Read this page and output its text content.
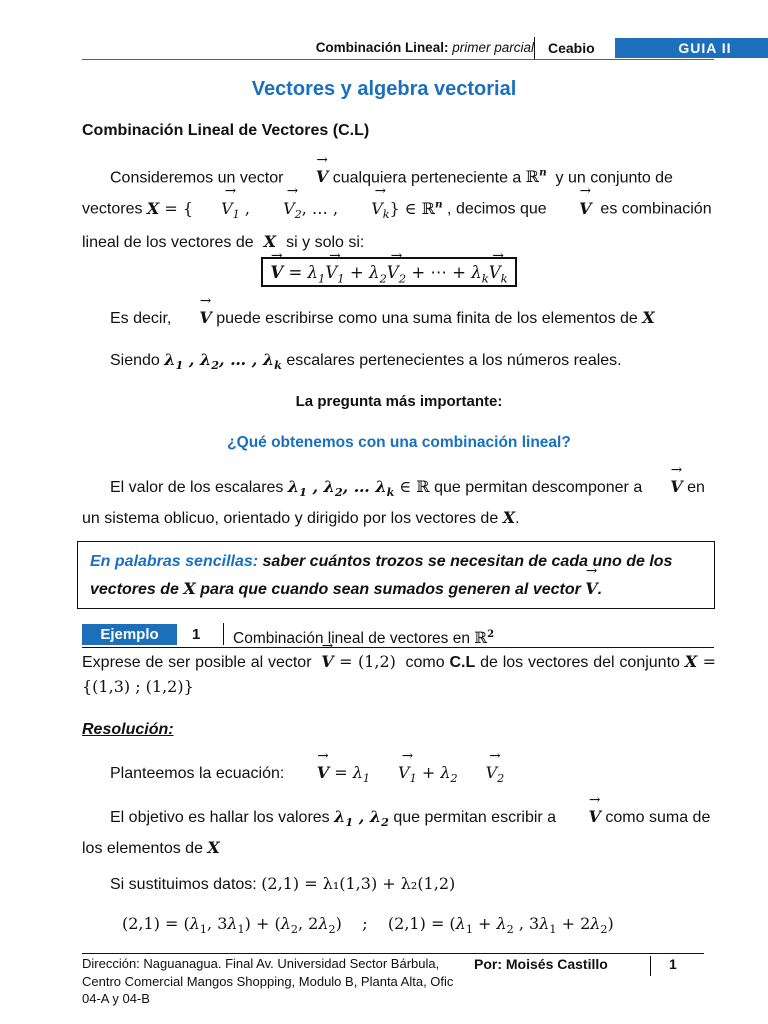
Combinación Lineal: primer parcial Ceabio	GUIA II
Vectores y algebra vectorial
Combinación Lineal de Vectores (C.L)
Consideremos un vector → V cualquiera perteneciente a ℝ$^n$ y un conjunto de vectores X = { → $V_1$ , → $V_2$, … , → $V_k$} ∈ ℝ$^n$ , decimos que → V es combinación lineal de los vectores de  X  si y solo si:
→ $V = \lambda_1\to V_1 + \lambda_2\to V_2$ + ⋯ + $\lambda_k\to V_k$
Es decir, → V puede escribirse como una suma finita de los elementos de X
Siendo $\lambda_1$ , $\lambda_2$, … , $\lambda_k$ escalares pertenecientes a los números reales.
La pregunta más importante:
¿Qué obtenemos con una combinación lineal?
El valor de los escalares $\lambda_1$ , $\lambda_2$, … $\lambda_k$ ∈ ℝ que permitan descomponer a → V en un sistema oblicuo, orientado y dirigido por los vectores de X.
En palabras sencillas: saber cuántos trozos se necesitan de cada uno de los vectores de X para que cuando sean sumados generen al vector → V.
Ejemplo	1 Combinación lineal de vectores en ℝ$^2$
Exprese de ser posible al vector → V = (1,2) como C.L de los vectores del conjunto X = {(1,3) ; (1,2)}
Resolución:
Planteemos la ecuación: → $V = \lambda_1 \to V_1 + \lambda_2 \to V_2$
El objetivo es hallar los valores $\lambda_1$ , $\lambda_2$ que permitan escribir a → V como suma de los elementos de X
Si sustituimos datos: (2,1) = λ₁(1,3) + λ₂(1,2)
$(2,1) = (\lambda_1$, $3\lambda_1) + (\lambda_2$, $2\lambda_2$)    ;    $(2,1) = (\lambda_1 + \lambda_2$ , $3\lambda_1 + 2\lambda_2$)
Dirección: Naguanagua. Final Av. Universidad Sector Bárbula, Centro Comercial Mangos Shopping, Modulo B, Planta Alta, Ofic 04-A y 04-B
Por: Moisés Castillo	1
